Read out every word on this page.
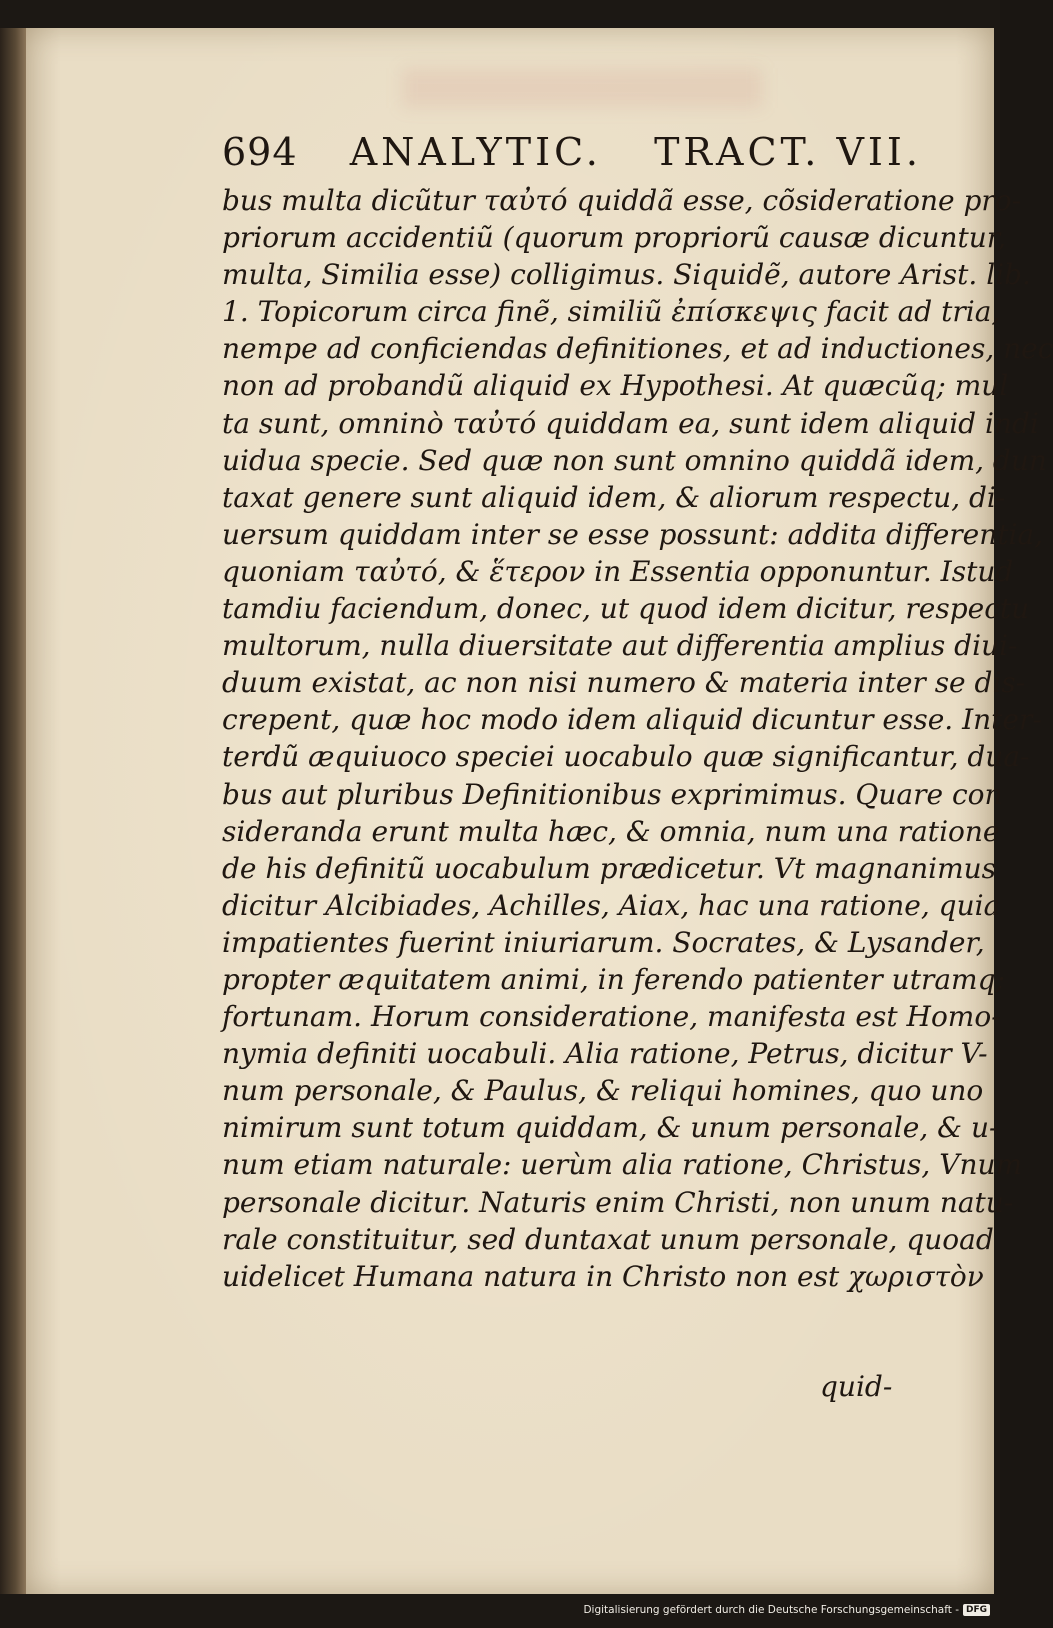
694 ANALYTIC. TRACT. VII.
bus multa dicũtur ταὐτό quiddã esse, cõsideratione pro-
priorum accidentiũ (quorum propriorũ causæ dicuntur,
multa, Similia esse) colligimus. Siquidẽ, autore Arist. lib.
1. Topicorum circa finẽ, similiũ ἐπίσκεψις facit ad tria,
nempe ad conficiendas definitiones, et ad inductiones, nec
non ad probandũ aliquid ex Hypothesi. At quæcũq; mul
ta sunt, omninò ταὐτό quiddam ea, sunt idem aliquid indi
uidua specie. Sed quæ non sunt omnino quiddã idem, dun
taxat genere sunt aliquid idem, & aliorum respectu, di-
uersum quiddam inter se esse possunt: addita differentia,
quoniam ταὐτό, & ἕτερον in Essentia opponuntur. Istud
tamdiu faciendum, donec, ut quod idem dicitur, respectu
multorum, nulla diuersitate aut differentia amplius diui-
duum existat, ac non nisi numero & materia inter se dis-
crepent, quæ hoc modo idem aliquid dicuntur esse. Inter-
terdũ æquiuoco speciei uocabulo quæ significantur, dua-
bus aut pluribus Definitionibus exprimimus. Quare con
siderandа erunt multa hæc, & omnia, num una ratione
de his definitũ uocabulum prædicetur. Vt magnanimus
dicitur Alcibiades, Achilles, Aiax, hac una ratione, quia
impatientes fuerint iniuriarum. Socrates, & Lysander,
propter æquitatem animi, in ferendo patienter utramq;
fortunam. Horum consideratione, manifesta est Homo-
nymia definiti uocabuli. Alia ratione, Petrus, dicitur V-
num personale, & Paulus, & reliqui homines, quo uno
nimirum sunt totum quiddam, & unum personale, & u-
num etiam naturale: uerùm alia ratione, Christus, Vnum
personale dicitur. Naturis enim Christi, non unum natu-
rale constituitur, sed duntaxat unum personale, quoad
uidelicet Humana natura in Christo non est χωριστὸν
quid-
Digitalisierung gefördert durch die Deutsche Forschungsgemeinschaft - DFG
